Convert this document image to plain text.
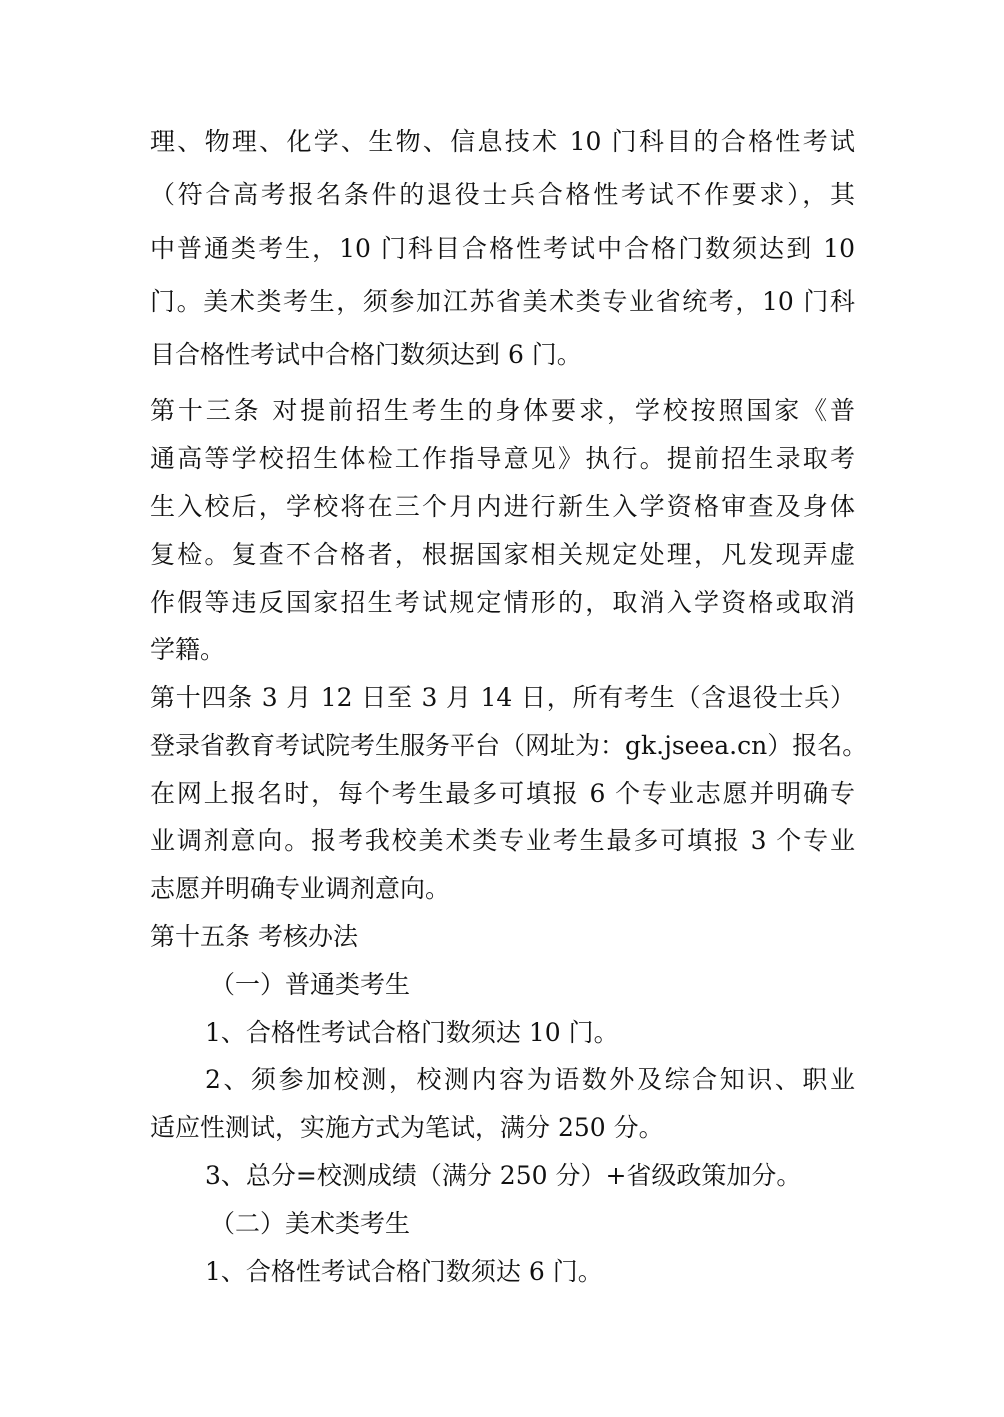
理、物理、化学、生物、信息技术 10 门科目的合格性考试
（符合高考报名条件的退役士兵合格性考试不作要求），其
中普通类考生，10 门科目合格性考试中合格门数须达到 10
门。美术类考生，须参加江苏省美术类专业省统考，10 门科
目合格性考试中合格门数须达到 6 门。
第十三条 对提前招生考生的身体要求，学校按照国家《普
通高等学校招生体检工作指导意见》执行。提前招生录取考
生入校后，学校将在三个月内进行新生入学资格审查及身体
复检。复查不合格者，根据国家相关规定处理，凡发现弄虚
作假等违反国家招生考试规定情形的，取消入学资格或取消
学籍。
第十四条 3 月 12 日至 3 月 14 日，所有考生（含退役士兵）
登录省教育考试院考生服务平台（网址为：gk.jseea.cn）报名。
在网上报名时，每个考生最多可填报 6 个专业志愿并明确专
业调剂意向。报考我校美术类专业考生最多可填报 3 个专业
志愿并明确专业调剂意向。
第十五条 考核办法
（一）普通类考生
1、合格性考试合格门数须达 10 门。
2、须参加校测，校测内容为语数外及综合知识、职业
适应性测试，实施方式为笔试，满分 250 分。
3、总分=校测成绩（满分 250 分）+省级政策加分。
（二）美术类考生
1、合格性考试合格门数须达 6 门。
